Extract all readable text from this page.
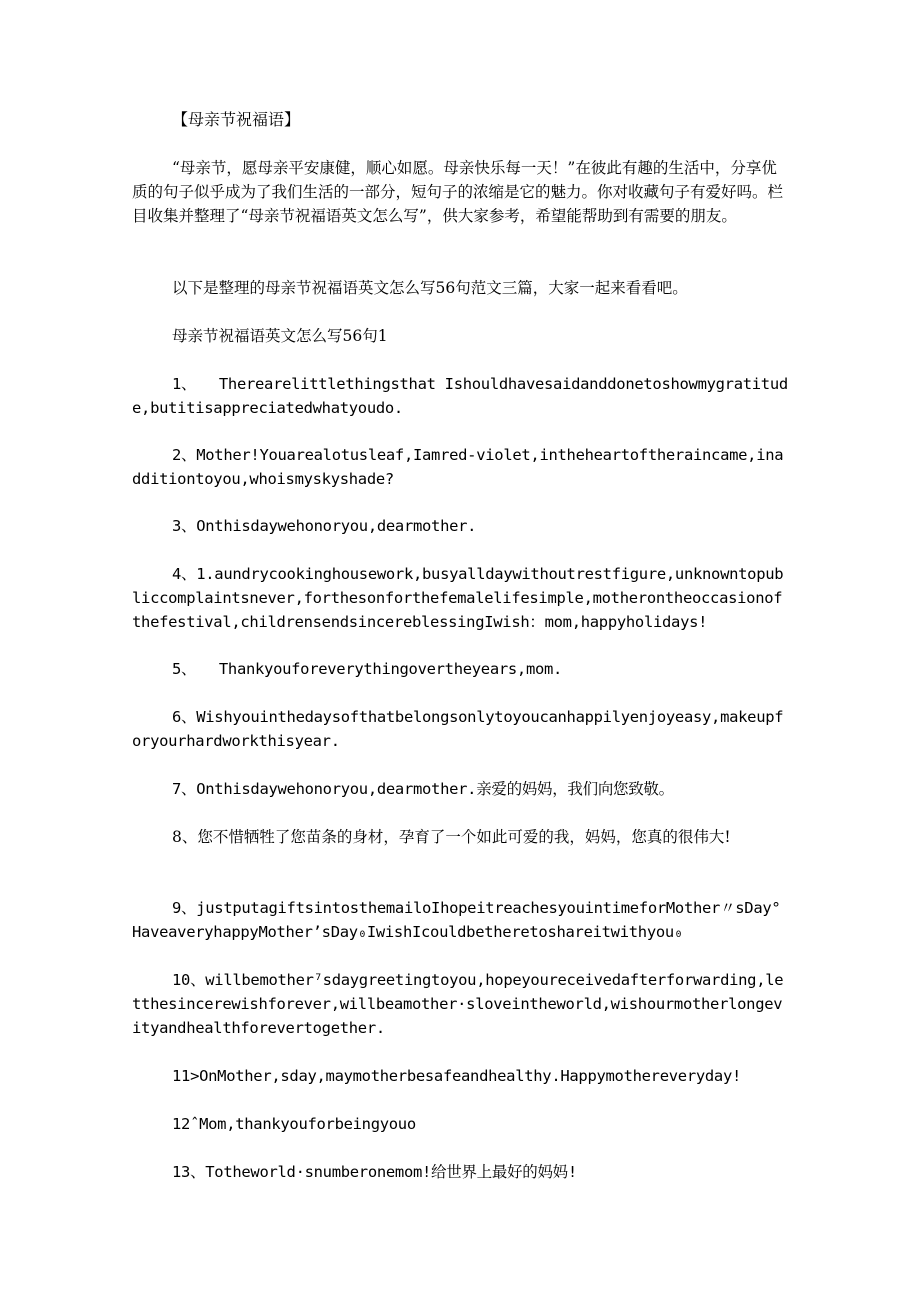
【母亲节祝福语】
“母亲节，愿母亲平安康健，顺心如愿。母亲快乐每一天！”在彼此有趣的生活中，分享优质的句子似乎成为了我们生活的一部分，短句子的浓缩是它的魅力。你对收藏句子有爱好吗。栏目收集并整理了“母亲节祝福语英文怎么写”，供大家参考，希望能帮助到有需要的朋友。
以下是整理的母亲节祝福语英文怎么写56句范文三篇，大家一起来看看吧。
母亲节祝福语英文怎么写56句1
1、　　Therearelittlethingsthat Ishouldhavesaidanddonetoshowmygratitude,butitisappreciatedwhatyoudo.
2、Mother!Youarealotusleaf,Iamred-violet,intheheartoftheraincame,inadditiontoyou,whoismyskyshade?
3、Onthisdaywehonoryou,dearmother.
4、1.aundrycookinghousework,busyalldaywithoutrestfigure,unknowntopubliccomplaintsnever,forthesonforthefemalelifesimple,motherontheoccasionofthefestival,childrensendsincereblessingIwish：mom,happyholidays!
5、　　Thankyouforeverythingovertheyears,mom.
6、Wishyouinthedaysofthatbelongsonlytoyoucanhappilyenjoyeasy,makeupforyourhardworkthisyear.
7、Onthisdaywehonoryou,dearmother.亲爱的妈妈，我们向您致敬。
8、您不惜牺牲了您苗条的身材，孕育了一个如此可爱的我，妈妈，您真的很伟大!
9、justputagiftsintosthemailoIhopeitreachesyouintimeforMother〃sDay° HaveaveryhappyMother’sDay₀IwishIcouldbetheretoshareitwithyou₀
10、willbemother⁷sdaygreetingtoyou,hopeyoureceivedafterforwarding,letthesincerewishforever,willbeamother·sloveintheworld,wishourmotherlongevityandhealthforevertogether.
11>OnMother,sday,maymotherbesafeandhealthy.Happymothereveryday!
12ˆMom,thankyouforbeingyouo
13、Totheworld·snumberonemom!给世界上最好的妈妈!
